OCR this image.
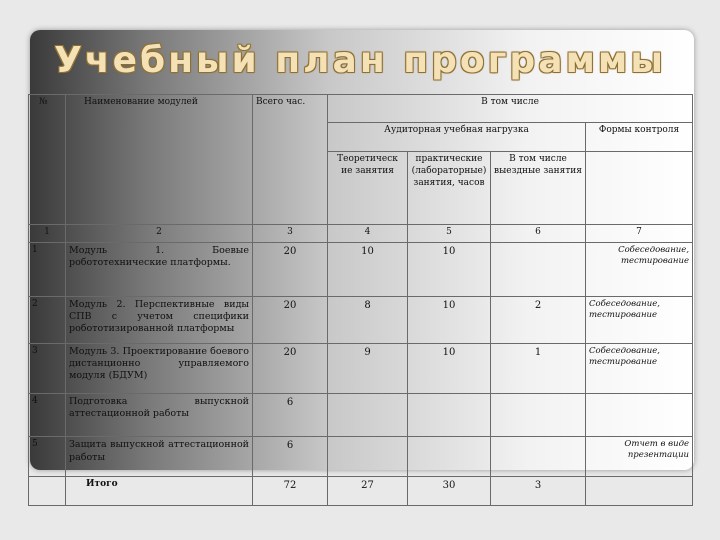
Учебный план программы
№	Наименование модулей	Всего час.	В том числе			
			Аудиторная учебная нагрузка			Формы контроля
			Теоретическ ие занятия	практические (лабораторные) занятия, часов	В том числе выездные занятия	
1	2	3	4	5	6	7
1	Модуль 1. Боевые робототехнические платформы.	20	10	10		Собеседование, тестирование
2	Модуль 2. Перспективные виды СПВ с учетом специфики робототизированной платформы	20	8	10	2	Собеседование, тестирование
3	Модуль 3. Проектирование боевого дистанционно управляемого модуля (БДУМ)	20	9	10	1	Собеседование, тестирование
4	Подготовка выпускной аттестационной работы	6				
5	Защита выпускной аттестационной работы	6				Отчет в виде презентации
	Итого	72	27	30	3	
